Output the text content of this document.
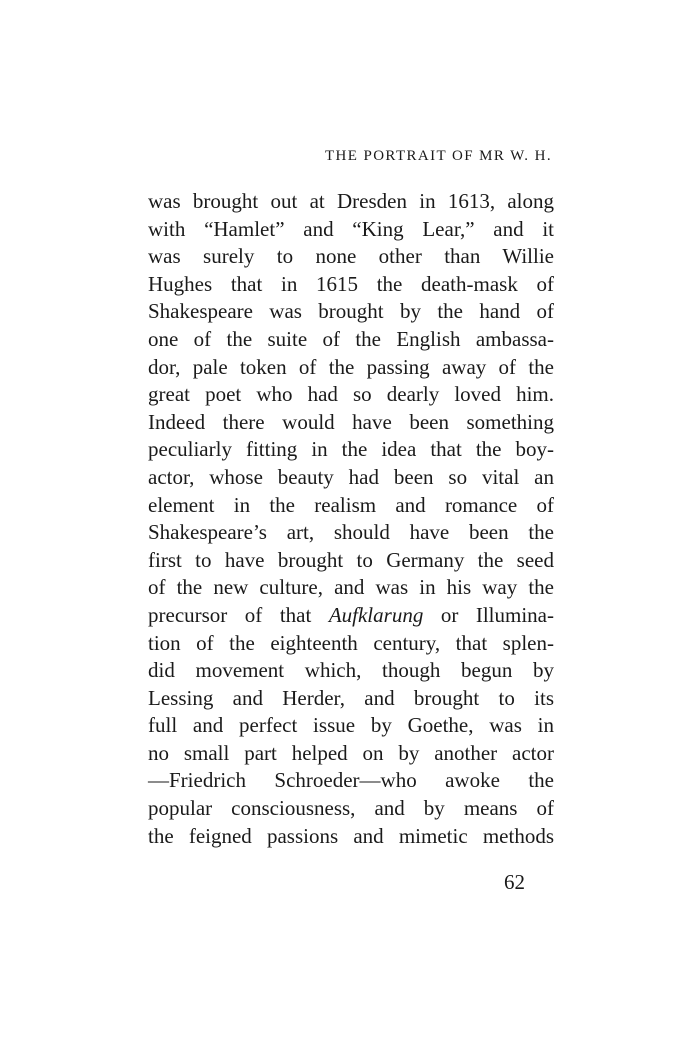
THE PORTRAIT OF MR W. H.
was brought out at Dresden in 1613, along
with “Hamlet” and “King Lear,” and it
was surely to none other than Willie
Hughes that in 1615 the death-mask of
Shakespeare was brought by the hand of
one of the suite of the English ambassa-
dor, pale token of the passing away of the
great poet who had so dearly loved him.
Indeed there would have been something
peculiarly fitting in the idea that the boy-
actor, whose beauty had been so vital an
element in the realism and romance of
Shakespeare’s art, should have been the
first to have brought to Germany the seed
of the new culture, and was in his way the
precursor of that Aufklarung or Illumina-
tion of the eighteenth century, that splen-
did movement which, though begun by
Lessing and Herder, and brought to its
full and perfect issue by Goethe, was in
no small part helped on by another actor
—Friedrich Schroeder—who awoke the
popular consciousness, and by means of
the feigned passions and mimetic methods
62
